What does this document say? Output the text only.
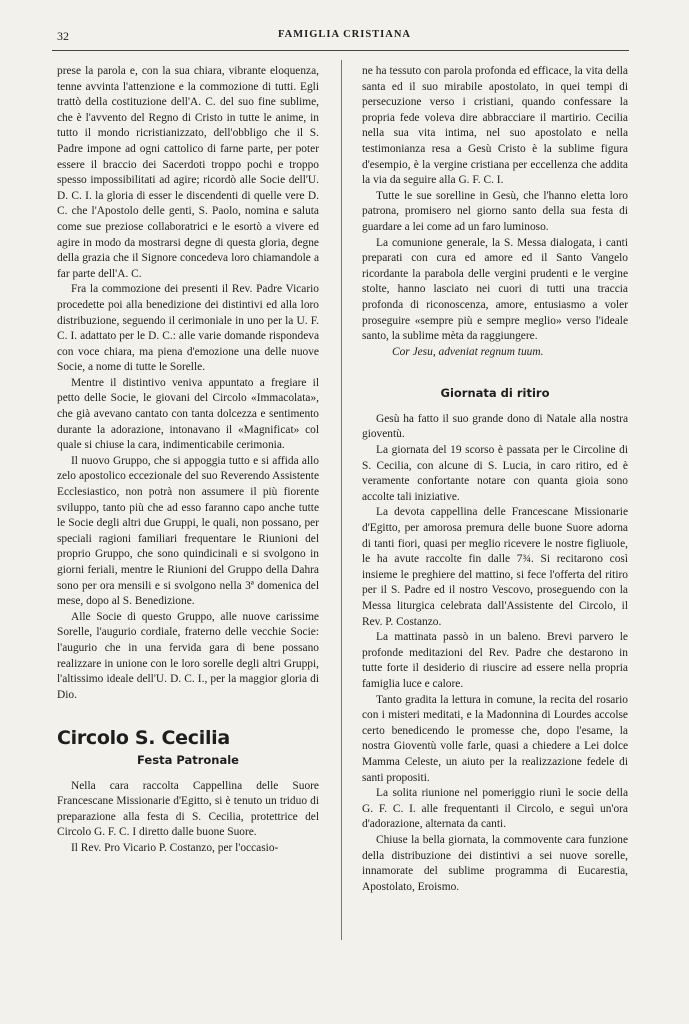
32	FAMIGLIA CRISTIANA

prese la parola e, con la sua chiara, vibrante eloquenza, tenne avvinta l'attenzione e la commozione di tutti. Egli trattò della costituzione dell'A. C. del suo fine sublime, che è l'avvento del Regno di Cristo in tutte le anime, in tutto il mondo ricristianizzato, dell'obbligo che il S. Padre impone ad ogni cattolico di farne parte, per poter essere il braccio dei Sacerdoti troppo pochi e troppo spesso impossibilitati ad agire; ricordò alle Socie dell'U. D. C. I. la gloria di esser le discendenti di quelle vere D. C. che l'Apostolo delle genti, S. Paolo, nomina e saluta come sue preziose collaboratrici e le esortò a vivere ed agire in modo da mostrarsi degne di questa gloria, degne della grazia che il Signore concedeva loro chiamandole a far parte dell'A. C.

Fra la commozione dei presenti il Rev. Padre Vicario procedette poi alla benedizione dei distintivi ed alla loro distribuzione, seguendo il cerimoniale in uno per la U. F. C. I. adattato per le D. C.: alle varie domande rispondeva con voce chiara, ma piena d'emozione una delle nuove Socie, a nome di tutte le Sorelle.

Mentre il distintivo veniva appuntato a fregiare il petto delle Socie, le giovani del Circolo «Immacolata», che già avevano cantato con tanta dolcezza e sentimento durante la adorazione, intonavano il «Magnificat» col quale si chiuse la cara, indimenticabile cerimonia.

Il nuovo Gruppo, che si appoggia tutto e si affida allo zelo apostolico eccezionale del suo Reverendo Assistente Ecclesiastico, non potrà non assumere il più fiorente sviluppo, tanto più che ad esso faranno capo anche tutte le Socie degli altri due Gruppi, le quali, non possano, per speciali ragioni familiari frequentare le Riunioni del proprio Gruppo, che sono quindicinali e si svolgono in giorni feriali, mentre le Riunioni del Gruppo della Dahra sono per ora mensili e si svolgono nella 3ª domenica del mese, dopo al S. Benedizione.

Alle Socie di questo Gruppo, alle nuove carissime Sorelle, l'augurio cordiale, fraterno delle vecchie Socie: l'augurio che in una fervida gara di bene possano realizzare in unione con le loro sorelle degli altri Gruppi, l'altissimo ideale dell'U. D. C. I., per la maggior gloria di Dio.

Circolo S. Cecilia
Festa Patronale

Nella cara raccolta Cappellina delle Suore Francescane Missionarie d'Egitto, si è tenuto un triduo di preparazione alla festa di S. Cecilia, protettrice del Circolo G. F. C. I diretto dalle buone Suore.

Il Rev. Pro Vicario P. Costanzo, per l'occasio-

ne ha tessuto con parola profonda ed efficace, la vita della santa ed il suo mirabile apostolato, in quei tempi di persecuzione verso i cristiani, quando confessare la propria fede voleva dire abbracciare il martirio. Cecilia nella sua vita intima, nel suo apostolato e nella testimonianza resa a Gesù Cristo è la sublime figura d'esempio, è la vergine cristiana per eccellenza che addita la via da seguire alla G. F. C. I.

Tutte le sue sorelline in Gesù, che l'hanno eletta loro patrona, promisero nel giorno santo della sua festa di guardare a lei come ad un faro luminoso.

La comunione generale, la S. Messa dialogata, i canti preparati con cura ed amore ed il Santo Vangelo ricordante la parabola delle vergini prudenti e le vergine stolte, hanno lasciato nei cuori di tutti una traccia profonda di riconoscenza, amore, entusiasmo a voler proseguire «sempre più e sempre meglio» verso l'ideale santo, la sublime mèta da raggiungere.

Cor Jesu, adveniat regnum tuum.

Giornata di ritiro

Gesù ha fatto il suo grande dono di Natale alla nostra gioventù.

La giornata del 19 scorso è passata per le Circoline di S. Cecilia, con alcune di S. Lucia, in caro ritiro, ed è veramente confortante notare con quanta gioia sono accolte tali iniziative.

La devota cappellina delle Francescane Missionarie d'Egitto, per amorosa premura delle buone Suore adorna di tanti fiori, quasi per meglio ricevere le nostre figliuole, le ha avute raccolte fin dalle 7¾. Si recitarono così insieme le preghiere del mattino, si fece l'offerta del ritiro per il S. Padre ed il nostro Vescovo, proseguendo con la Messa liturgica celebrata dall'Assistente del Circolo, il Rev. P. Costanzo.

La mattinata passò in un baleno. Brevi parvero le profonde meditazioni del Rev. Padre che destarono in tutte forte il desiderio di riuscire ad essere nella propria famiglia luce e calore.

Tanto gradita la lettura in comune, la recita del rosario con i misteri meditati, e la Madonnina di Lourdes accolse certo benedicendo le promesse che, dopo l'esame, la nostra Gioventù volle farle, quasi a chiedere a Lei dolce Mamma Celeste, un aiuto per la realizzazione fedele di santi propositi.

La solita riunione nel pomeriggio riunì le socie della G. F. C. I. alle frequentanti il Circolo, e seguì un'ora d'adorazione, alternata da canti.

Chiuse la bella giornata, la commovente cara funzione della distribuzione dei distintivi a sei nuove sorelle, innamorate del sublime programma di Eucarestia, Apostolato, Eroismo.
